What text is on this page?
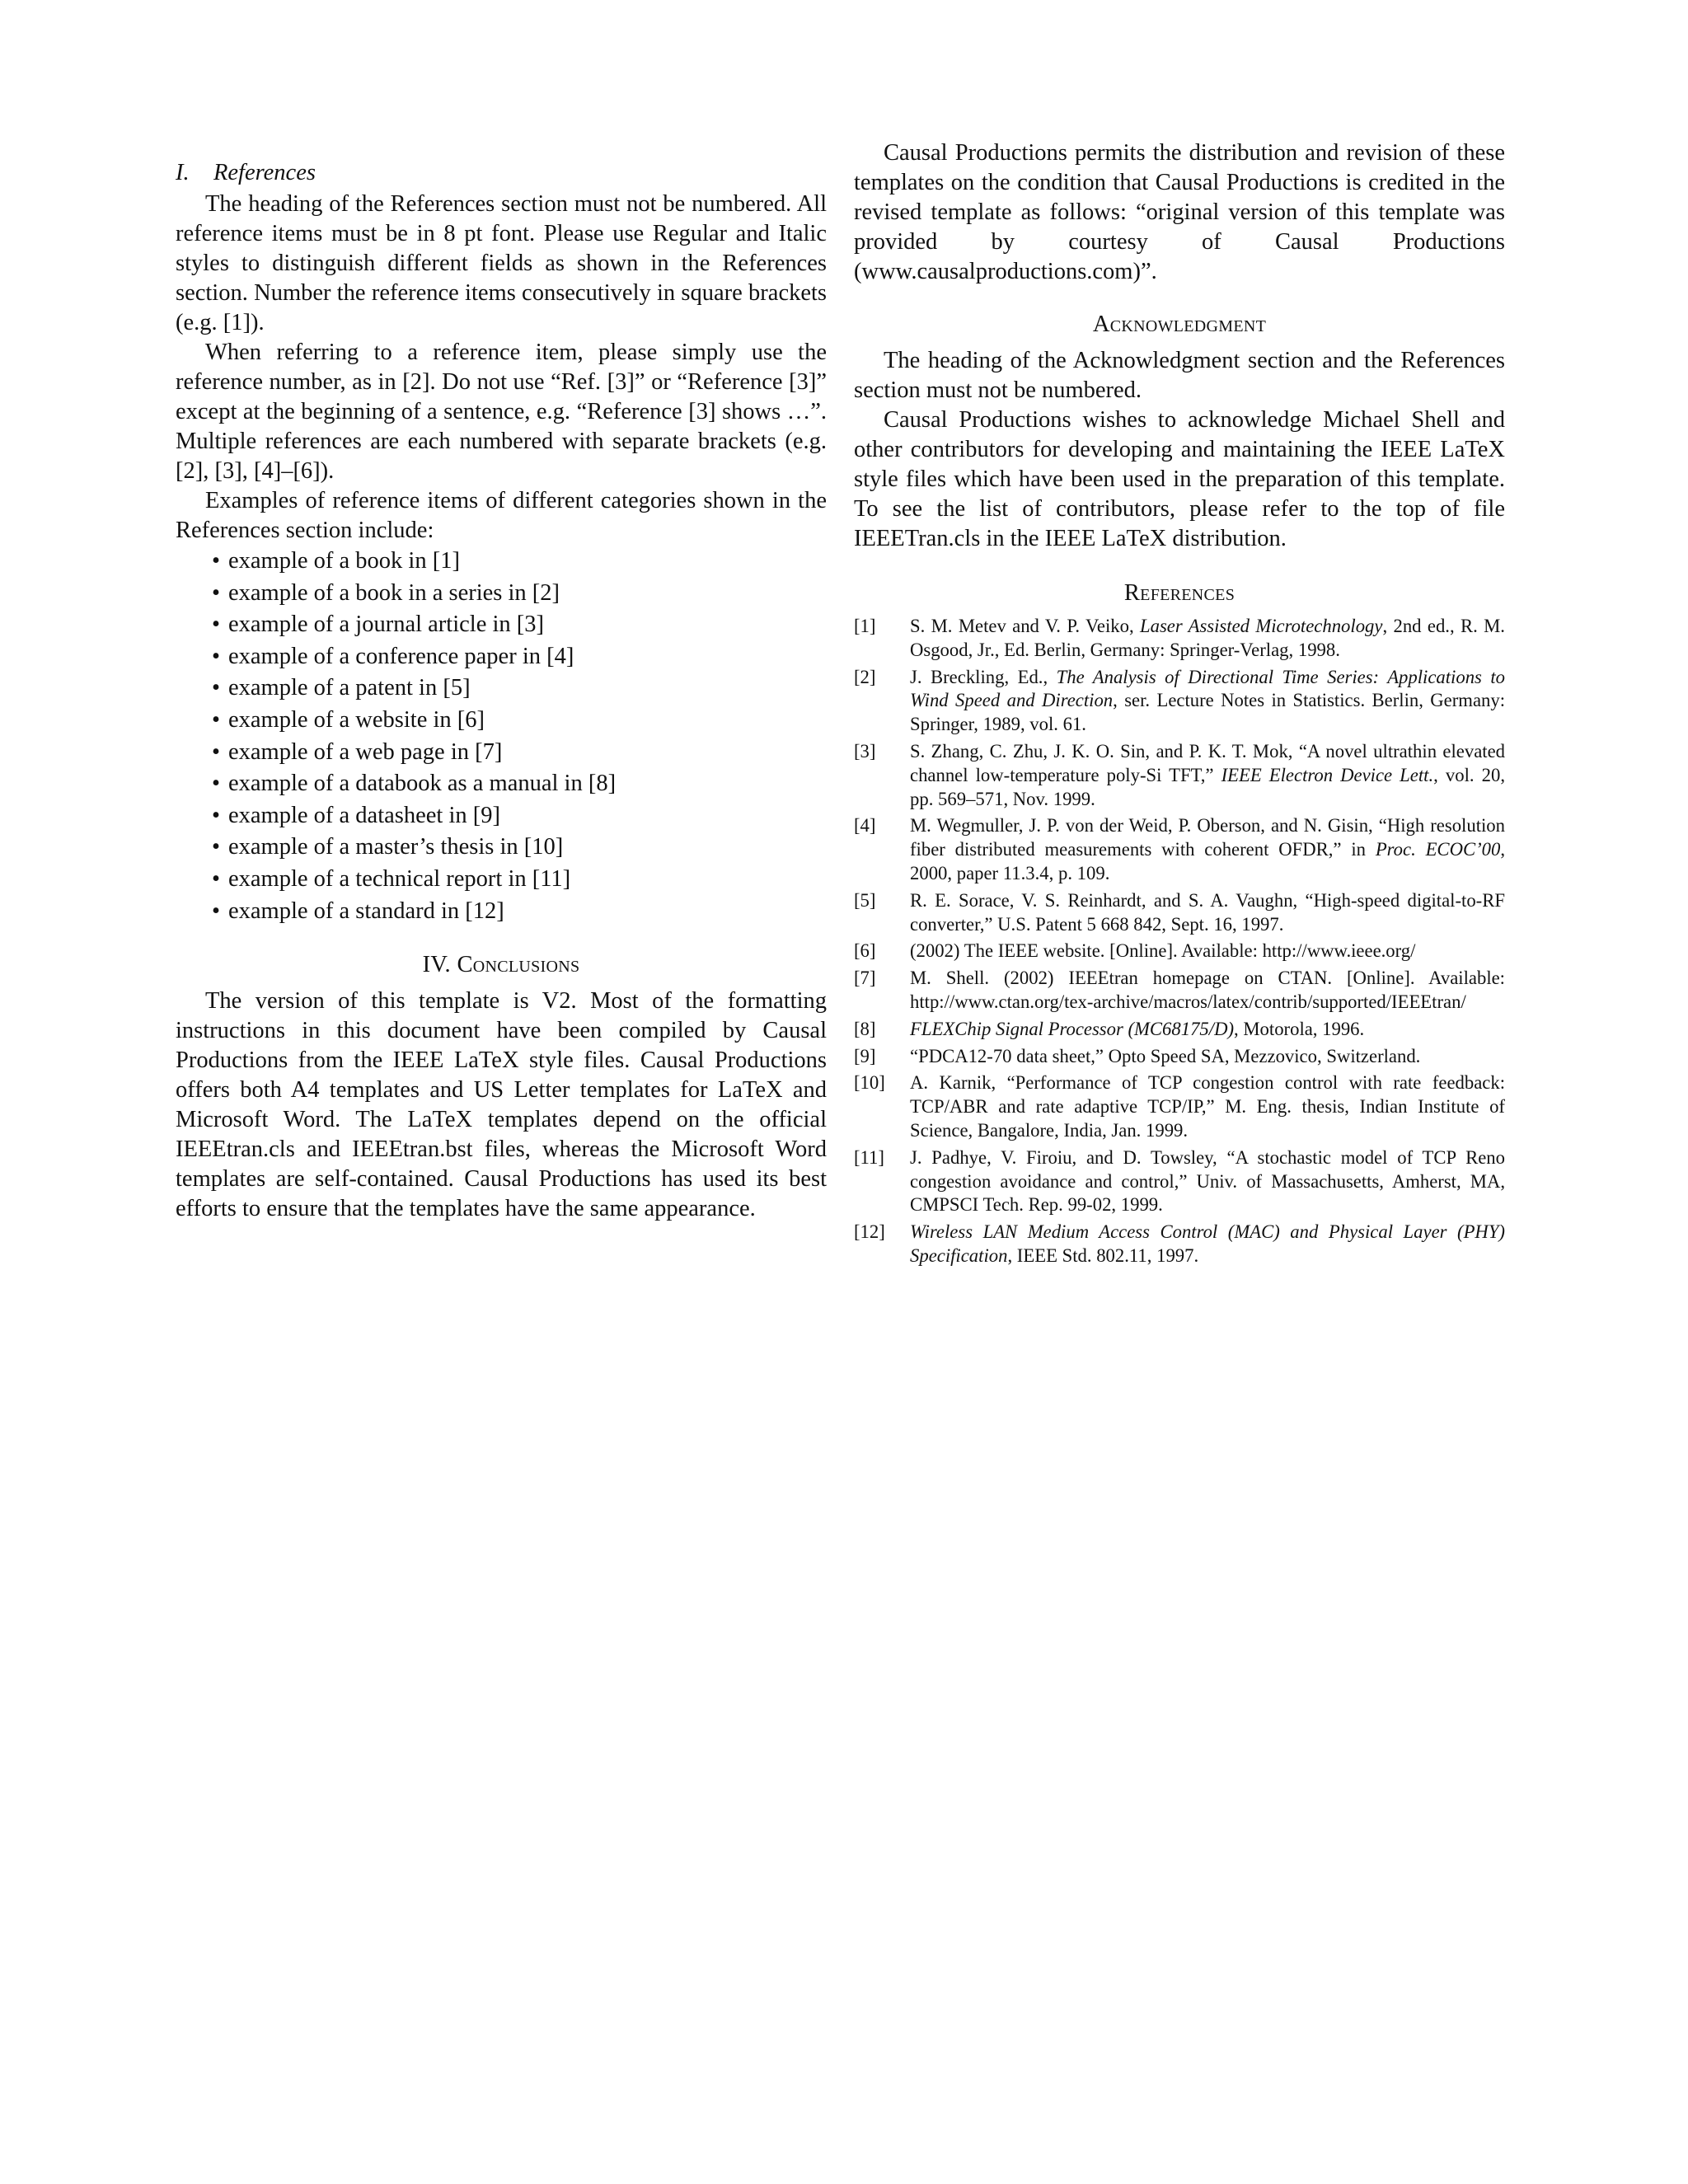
I. References

The heading of the References section must not be numbered. All reference items must be in 8 pt font. Please use Regular and Italic styles to distinguish different fields as shown in the References section. Number the reference items consecutively in square brackets (e.g. [1]).

When referring to a reference item, please simply use the reference number, as in [2]. Do not use “Ref. [3]” or “Reference [3]” except at the beginning of a sentence, e.g. “Reference [3] shows …”. Multiple references are each numbered with separate brackets (e.g. [2], [3], [4]–[6]).

Examples of reference items of different categories shown in the References section include:

• example of a book in [1]
• example of a book in a series in [2]
• example of a journal article in [3]
• example of a conference paper in [4]
• example of a patent in [5]
• example of a website in [6]
• example of a web page in [7]
• example of a databook as a manual in [8]
• example of a datasheet in [9]
• example of a master’s thesis in [10]
• example of a technical report in [11]
• example of a standard in [12]
IV. Conclusions

The version of this template is V2. Most of the formatting instructions in this document have been compiled by Causal Productions from the IEEE LaTeX style files. Causal Productions offers both A4 templates and US Letter templates for LaTeX and Microsoft Word. The LaTeX templates depend on the official IEEEtran.cls and IEEEtran.bst files, whereas the Microsoft Word templates are self-contained. Causal Productions has used its best efforts to ensure that the templates have the same appearance.

Causal Productions permits the distribution and revision of these templates on the condition that Causal Productions is credited in the revised template as follows: “original version of this template was provided by courtesy of Causal Productions (www.causalproductions.com)”.

Acknowledgment

The heading of the Acknowledgment section and the References section must not be numbered.

Causal Productions wishes to acknowledge Michael Shell and other contributors for developing and maintaining the IEEE LaTeX style files which have been used in the preparation of this template. To see the list of contributors, please refer to the top of file IEEETran.cls in the IEEE LaTeX distribution.

References
[1]	S. M. Metev and V. P. Veiko, Laser Assisted Microtechnology, 2nd ed., R. M. Osgood, Jr., Ed. Berlin, Germany: Springer-Verlag, 1998.
[2]	J. Breckling, Ed., The Analysis of Directional Time Series: Applications to Wind Speed and Direction, ser. Lecture Notes in Statistics. Berlin, Germany: Springer, 1989, vol. 61.
[3]	S. Zhang, C. Zhu, J. K. O. Sin, and P. K. T. Mok, “A novel ultrathin elevated channel low-temperature poly-Si TFT,” IEEE Electron Device Lett., vol. 20, pp. 569–571, Nov. 1999.
[4]	M. Wegmuller, J. P. von der Weid, P. Oberson, and N. Gisin, “High resolution fiber distributed measurements with coherent OFDR,” in Proc. ECOC’00, 2000, paper 11.3.4, p. 109.
[5]	R. E. Sorace, V. S. Reinhardt, and S. A. Vaughn, “High-speed digital-to-RF converter,” U.S. Patent 5 668 842, Sept. 16, 1997.
[6]	(2002) The IEEE website. [Online]. Available: http://www.ieee.org/
[7]	M. Shell. (2002) IEEEtran homepage on CTAN. [Online]. Available: http://www.ctan.org/tex-archive/macros/latex/contrib/supported/IEEEtran/
[8]	FLEXChip Signal Processor (MC68175/D), Motorola, 1996.
[9]	“PDCA12-70 data sheet,” Opto Speed SA, Mezzovico, Switzerland.
[10]	A. Karnik, “Performance of TCP congestion control with rate feedback: TCP/ABR and rate adaptive TCP/IP,” M. Eng. thesis, Indian Institute of Science, Bangalore, India, Jan. 1999.
[11]	J. Padhye, V. Firoiu, and D. Towsley, “A stochastic model of TCP Reno congestion avoidance and control,” Univ. of Massachusetts, Amherst, MA, CMPSCI Tech. Rep. 99-02, 1999.
[12]	Wireless LAN Medium Access Control (MAC) and Physical Layer (PHY) Specification, IEEE Std. 802.11, 1997.
